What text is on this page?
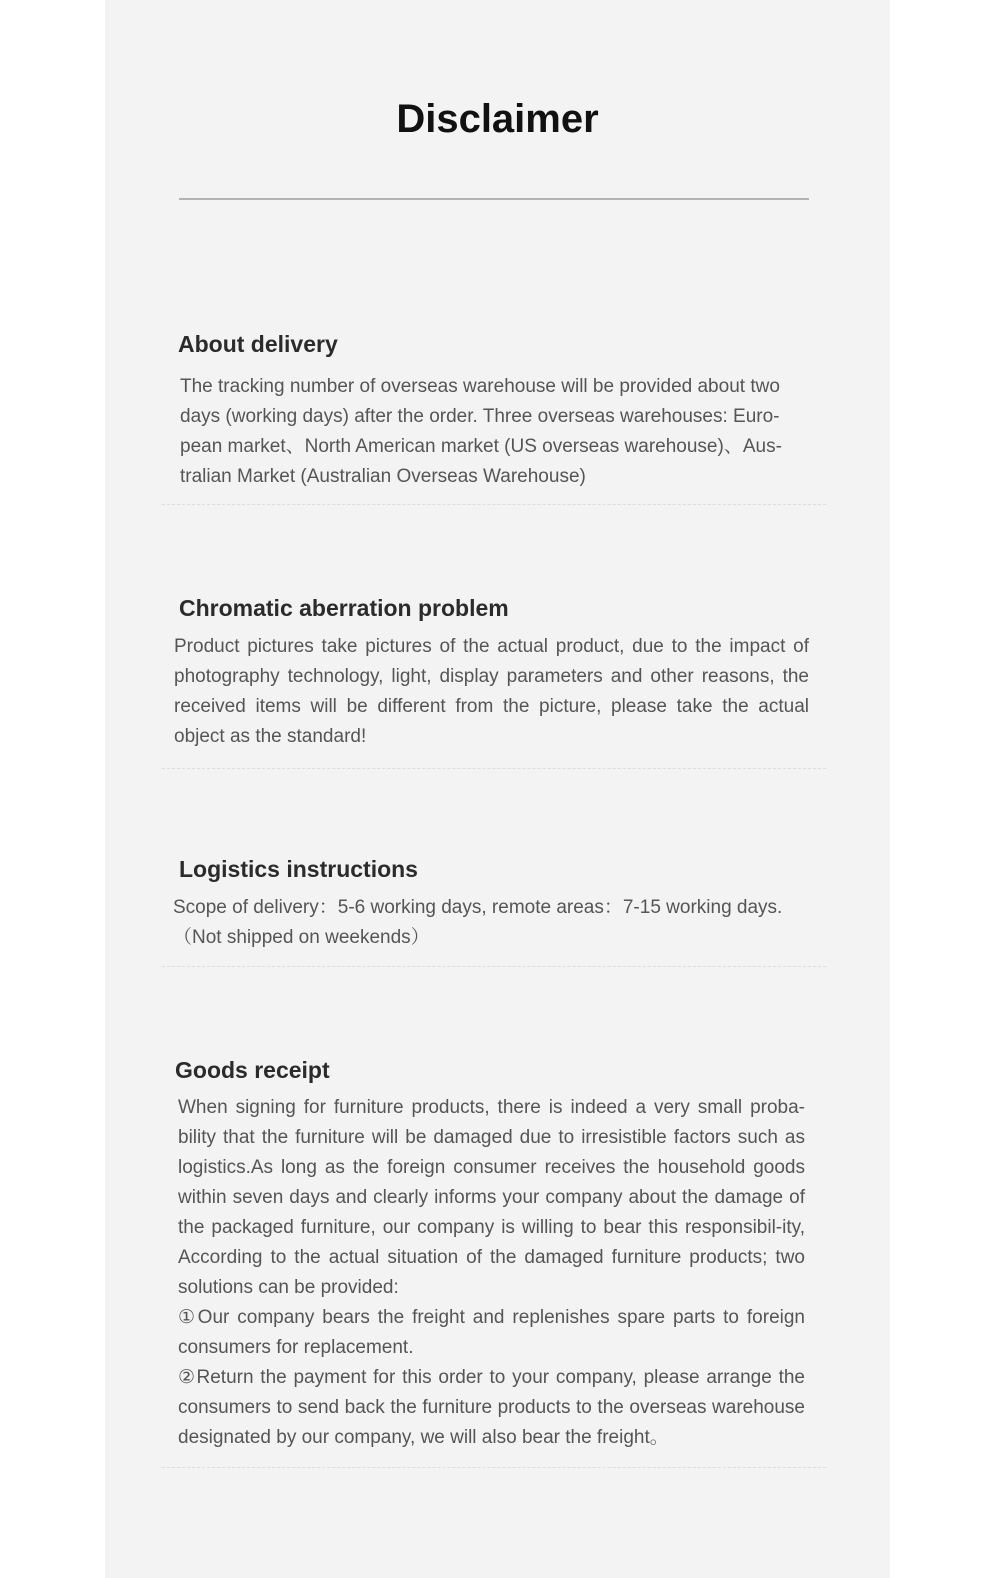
Disclaimer
About delivery

The tracking number of overseas warehouse will be provided about two days (working days) after the order. Three overseas warehouses: Euro-pean market、North American market (US overseas warehouse)、Aus-tralian Market (Australian Overseas Warehouse)

Chromatic aberration problem

Product pictures take pictures of the actual product, due to the impact of photography technology, light, display parameters and other reasons, the received items will be different from the picture, please take the actual object as the standard!

Logistics instructions

Scope of delivery：5-6 working days, remote areas：7-15 working days.（Not shipped on weekends）

Goods receipt
When signing for furniture products, there is indeed a very small proba-bility that the furniture will be damaged due to irresistible factors such as logistics.As long as the foreign consumer receives the household goods within seven days and clearly informs your company about the damage of the packaged furniture, our company is willing to bear this responsibil-ity, According to the actual situation of the damaged furniture products; two solutions can be provided:
①Our company bears the freight and replenishes spare parts to foreign consumers for replacement.
②Return the payment for this order to your company, please arrange the consumers to send back the furniture products to the overseas warehouse designated by our company, we will also bear the freight。
